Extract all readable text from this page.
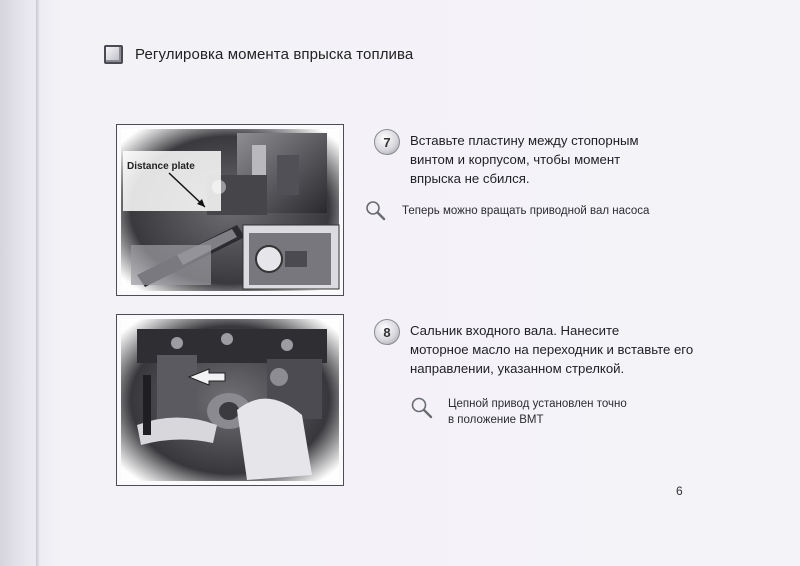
Регулировка момента впрыска топлива
Distance plate
7	Вставьте пластину между стопорным
винтом и корпусом, чтобы момент
впрыска не сбился.
Теперь можно вращать приводной вал насоса
8	Сальник входного вала. Нанесите
моторное масло на переходник и вставьте его
направлении, указанном стрелкой.
Цепной привод установлен точно
в положение ВМТ
6
